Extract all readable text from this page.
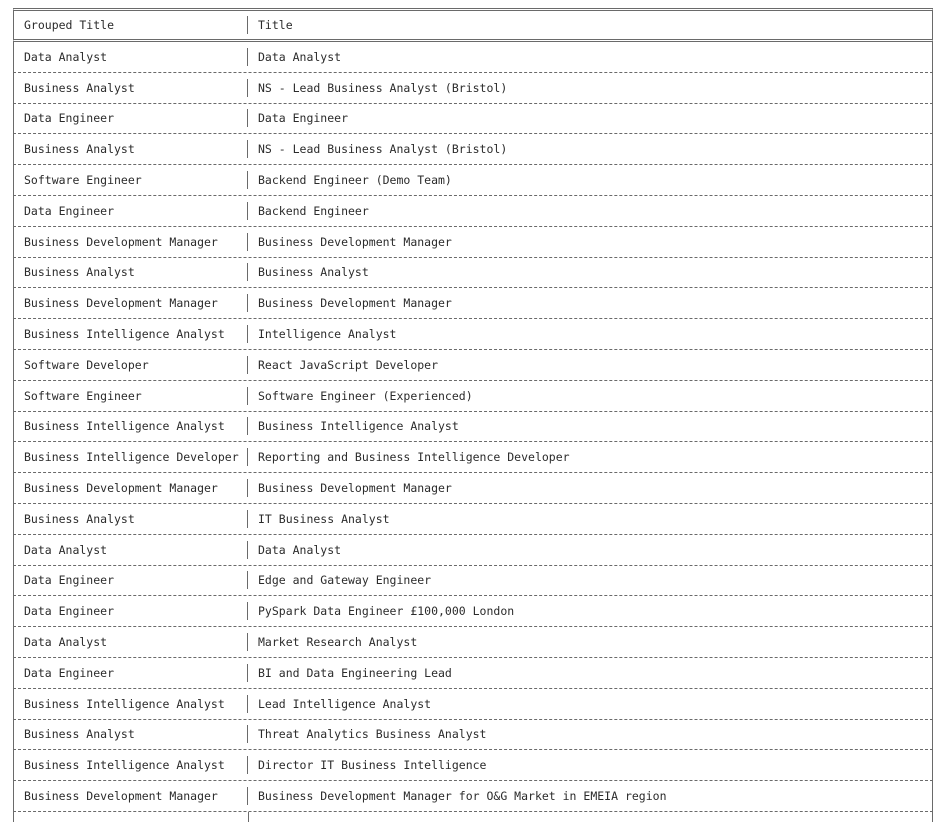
Grouped Title	Title
Data Analyst	Data Analyst
Business Analyst	NS - Lead Business Analyst (Bristol)
Data Engineer	Data Engineer
Business Analyst	NS - Lead Business Analyst (Bristol)
Software Engineer	Backend Engineer (Demo Team)
Data Engineer	Backend Engineer
Business Development Manager	Business Development Manager
Business Analyst	Business Analyst
Business Development Manager	Business Development Manager
Business Intelligence Analyst	Intelligence Analyst
Software Developer	React JavaScript Developer
Software Engineer	Software Engineer (Experienced)
Business Intelligence Analyst	Business Intelligence Analyst
Business Intelligence Developer	Reporting and Business Intelligence Developer
Business Development Manager	Business Development Manager
Business Analyst	IT Business Analyst
Data Analyst	Data Analyst
Data Engineer	Edge and Gateway Engineer
Data Engineer	PySpark Data Engineer £100,000 London
Data Analyst	Market Research Analyst
Data Engineer	BI and Data Engineering Lead
Business Intelligence Analyst	Lead Intelligence Analyst
Business Analyst	Threat Analytics Business Analyst
Business Intelligence Analyst	Director IT Business Intelligence
Business Development Manager	Business Development Manager for O&G Market in EMEIA region
